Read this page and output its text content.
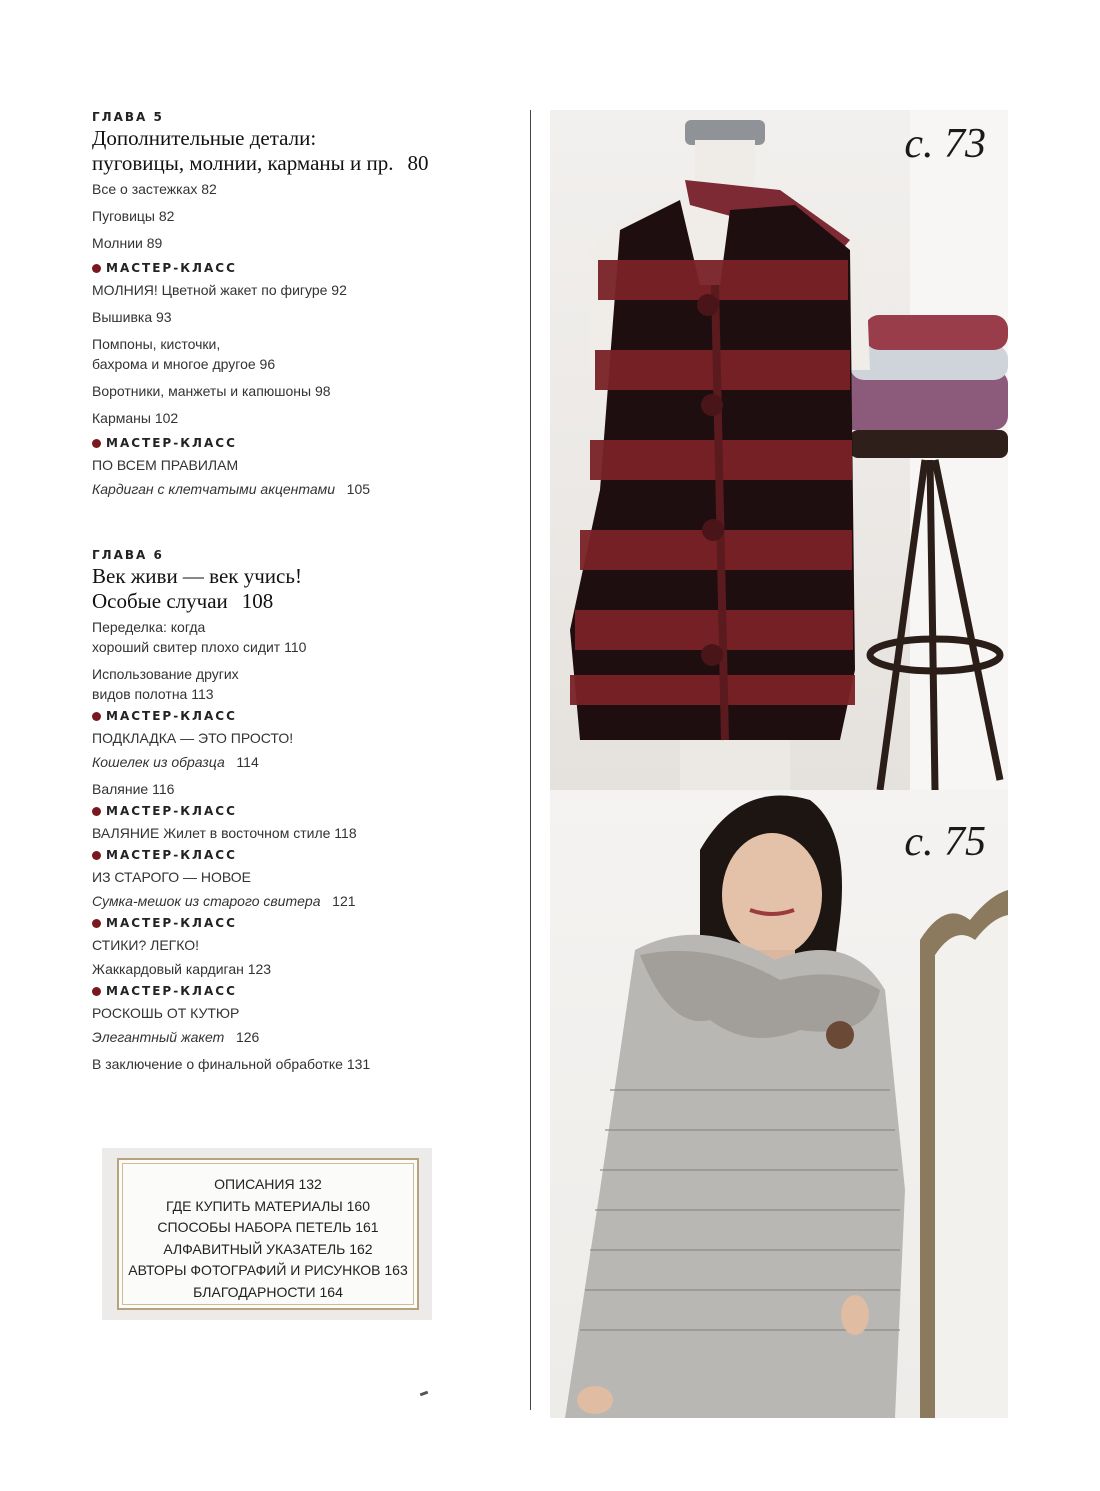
ГЛАВА 5

Дополнительные детали:
пуговицы, молнии, карманы и пр. 80

Все о застежках 82

Пуговицы 82

Молнии 89

МАСТЕР-КЛАСС

МОЛНИЯ! Цветной жакет по фигуре 92

Вышивка 93

Помпоны, кисточки,

бахрома и многое другое 96

Воротники, манжеты и капюшоны 98

Карманы 102

МАСТЕР-КЛАСС

ПО ВСЕМ ПРАВИЛАМ

Кардиган с клетчатыми акцентами 105

ГЛАВА 6

Век живи — век учись!
Особые случаи 108

Переделка: когда

хороший свитер плохо сидит 110

Использование других

видов полотна 113

МАСТЕР-КЛАСС

ПОДКЛАДКА — ЭТО ПРОСТО!

Кошелек из образца 114

Валяние 116

МАСТЕР-КЛАСС

ВАЛЯНИЕ Жилет в восточном стиле 118

МАСТЕР-КЛАСС

ИЗ СТАРОГО — НОВОЕ

Сумка-мешок из старого свитера 121

МАСТЕР-КЛАСС

СТИКИ? ЛЕГКО!

Жаккардовый кардиган 123

МАСТЕР-КЛАСС

РОСКОШЬ ОТ КУТЮР

Элегантный жакет 126

В заключение о финальной обработке 131

ОПИСАНИЯ 132
ГДЕ КУПИТЬ МАТЕРИАЛЫ 160
СПОСОБЫ НАБОРА ПЕТЕЛЬ 161
АЛФАВИТНЫЙ УКАЗАТЕЛЬ 162
АВТОРЫ ФОТОГРАФИЙ И РИСУНКОВ 163
БЛАГОДАРНОСТИ 164
с. 73
с. 75
